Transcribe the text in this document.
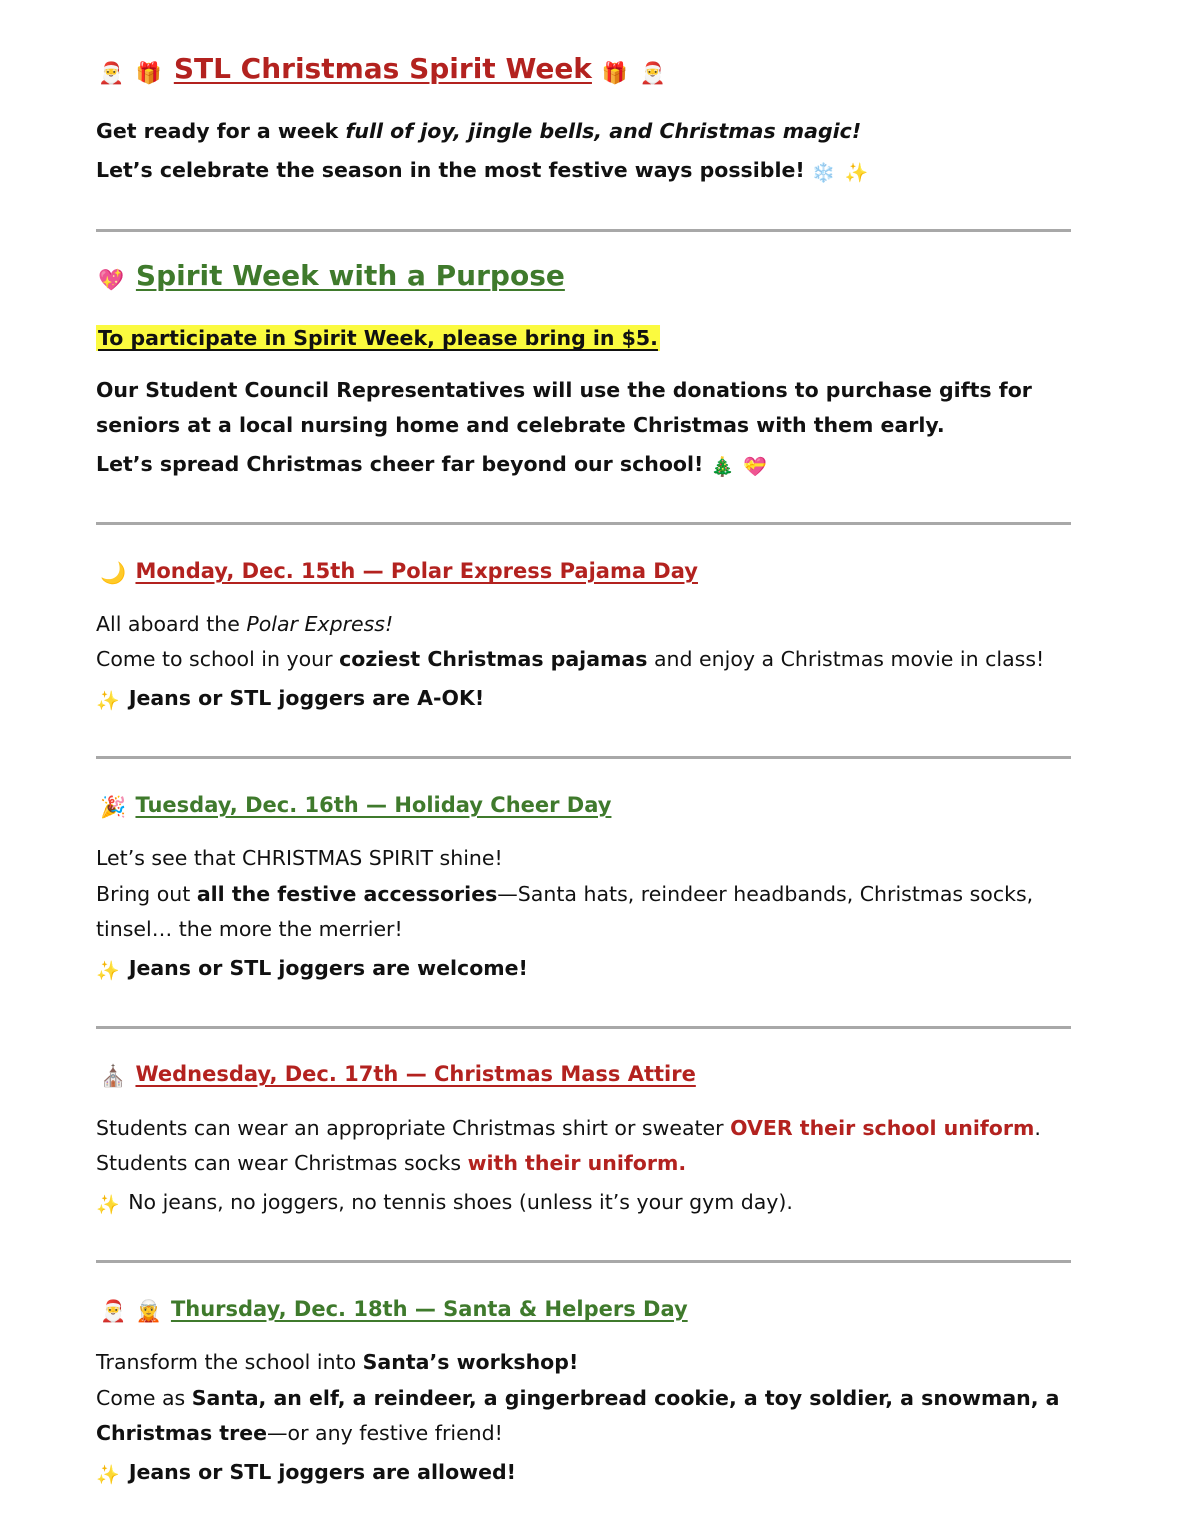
🎅 🎁 STL Christmas Spirit Week 🎁 🎅
Get ready for a week full of joy, jingle bells, and Christmas magic!
Let’s celebrate the season in the most festive ways possible! ❄️ ✨
💖 Spirit Week with a Purpose
To participate in Spirit Week, please bring in $5.
Our Student Council Representatives will use the donations to purchase gifts for
seniors at a local nursing home and celebrate Christmas with them early.
Let’s spread Christmas cheer far beyond our school! 🎄 💝
🌙 Monday, Dec. 15th — Polar Express Pajama Day
All aboard the Polar Express!
Come to school in your coziest Christmas pajamas and enjoy a Christmas movie in class!
✨ Jeans or STL joggers are A-OK!
🎉 Tuesday, Dec. 16th — Holiday Cheer Day
Let’s see that CHRISTMAS SPIRIT shine!
Bring out all the festive accessories—Santa hats, reindeer headbands, Christmas socks,
tinsel… the more the merrier!
✨ Jeans or STL joggers are welcome!
⛪ Wednesday, Dec. 17th — Christmas Mass Attire
Students can wear an appropriate Christmas shirt or sweater OVER their school uniform.
Students can wear Christmas socks with their uniform.
✨ No jeans, no joggers, no tennis shoes (unless it’s your gym day).
🎅 🧝 Thursday, Dec. 18th — Santa & Helpers Day
Transform the school into Santa’s workshop!
Come as Santa, an elf, a reindeer, a gingerbread cookie, a toy soldier, a snowman, a
Christmas tree—or any festive friend!
✨ Jeans or STL joggers are allowed!
